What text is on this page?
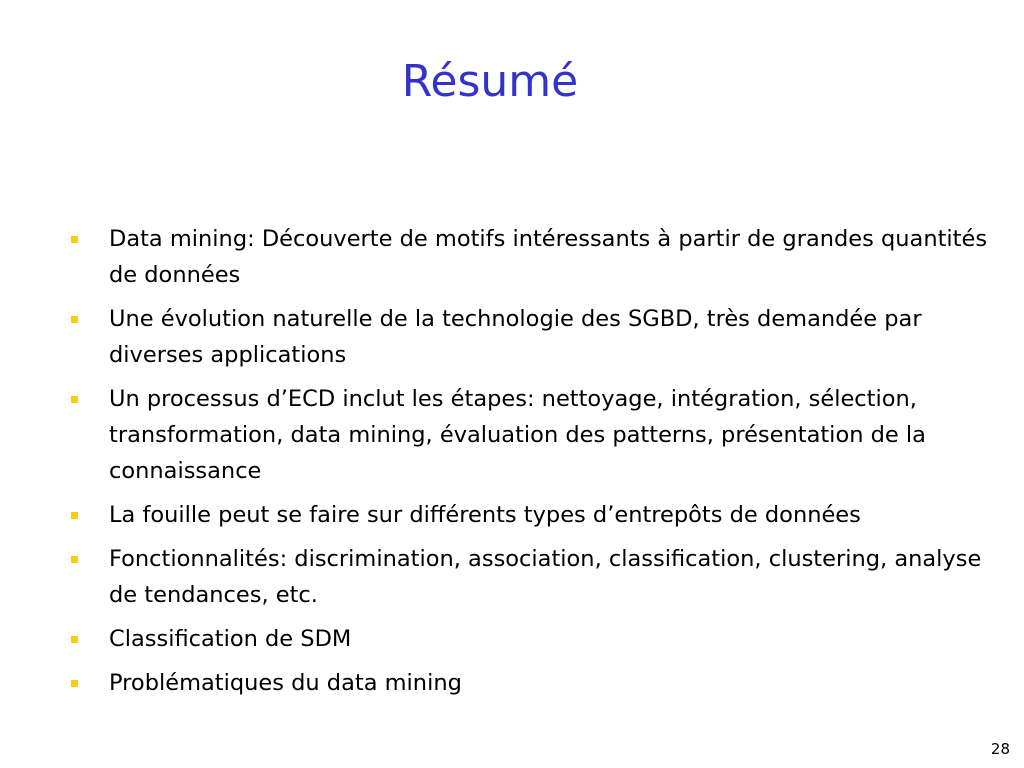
Résumé
Data mining: Découverte de motifs intéressants à partir de grandes quantités de données
Une évolution naturelle de la technologie des SGBD, très demandée par diverses applications
Un processus d’ECD inclut les étapes: nettoyage, intégration, sélection, transformation, data mining, évaluation des patterns, présentation de la connaissance
La fouille peut se faire sur différents types d’entrepôts de données
Fonctionnalités: discrimination, association, classification, clustering, analyse de tendances, etc.
Classification de SDM
Problématiques du data mining
28
